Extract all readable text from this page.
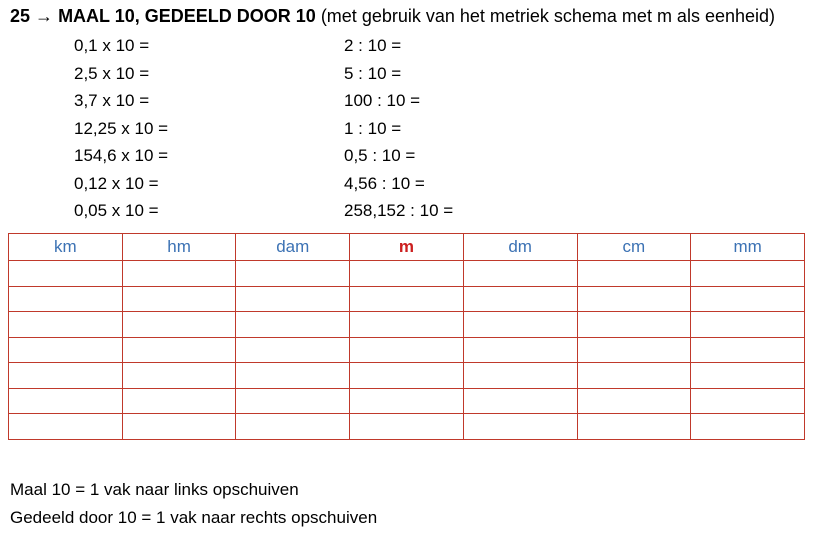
25 → MAAL 10, GEDEELD DOOR 10 (met gebruik van het metriek schema met m als eenheid)
0,1 x 10 =
2,5 x 10 =
3,7 x 10 =
12,25 x 10 =
154,6 x 10 =
0,12 x 10 =
0,05 x 10 =
2 : 10 =
5 : 10 =
100 : 10 =
1 : 10 =
0,5 : 10 =
4,56 : 10 =
258,152 : 10 =
km	hm	dam	m	dm	cm	mm

Maal 10 = 1 vak naar links opschuiven
Gedeeld door 10 = 1 vak naar rechts opschuiven
